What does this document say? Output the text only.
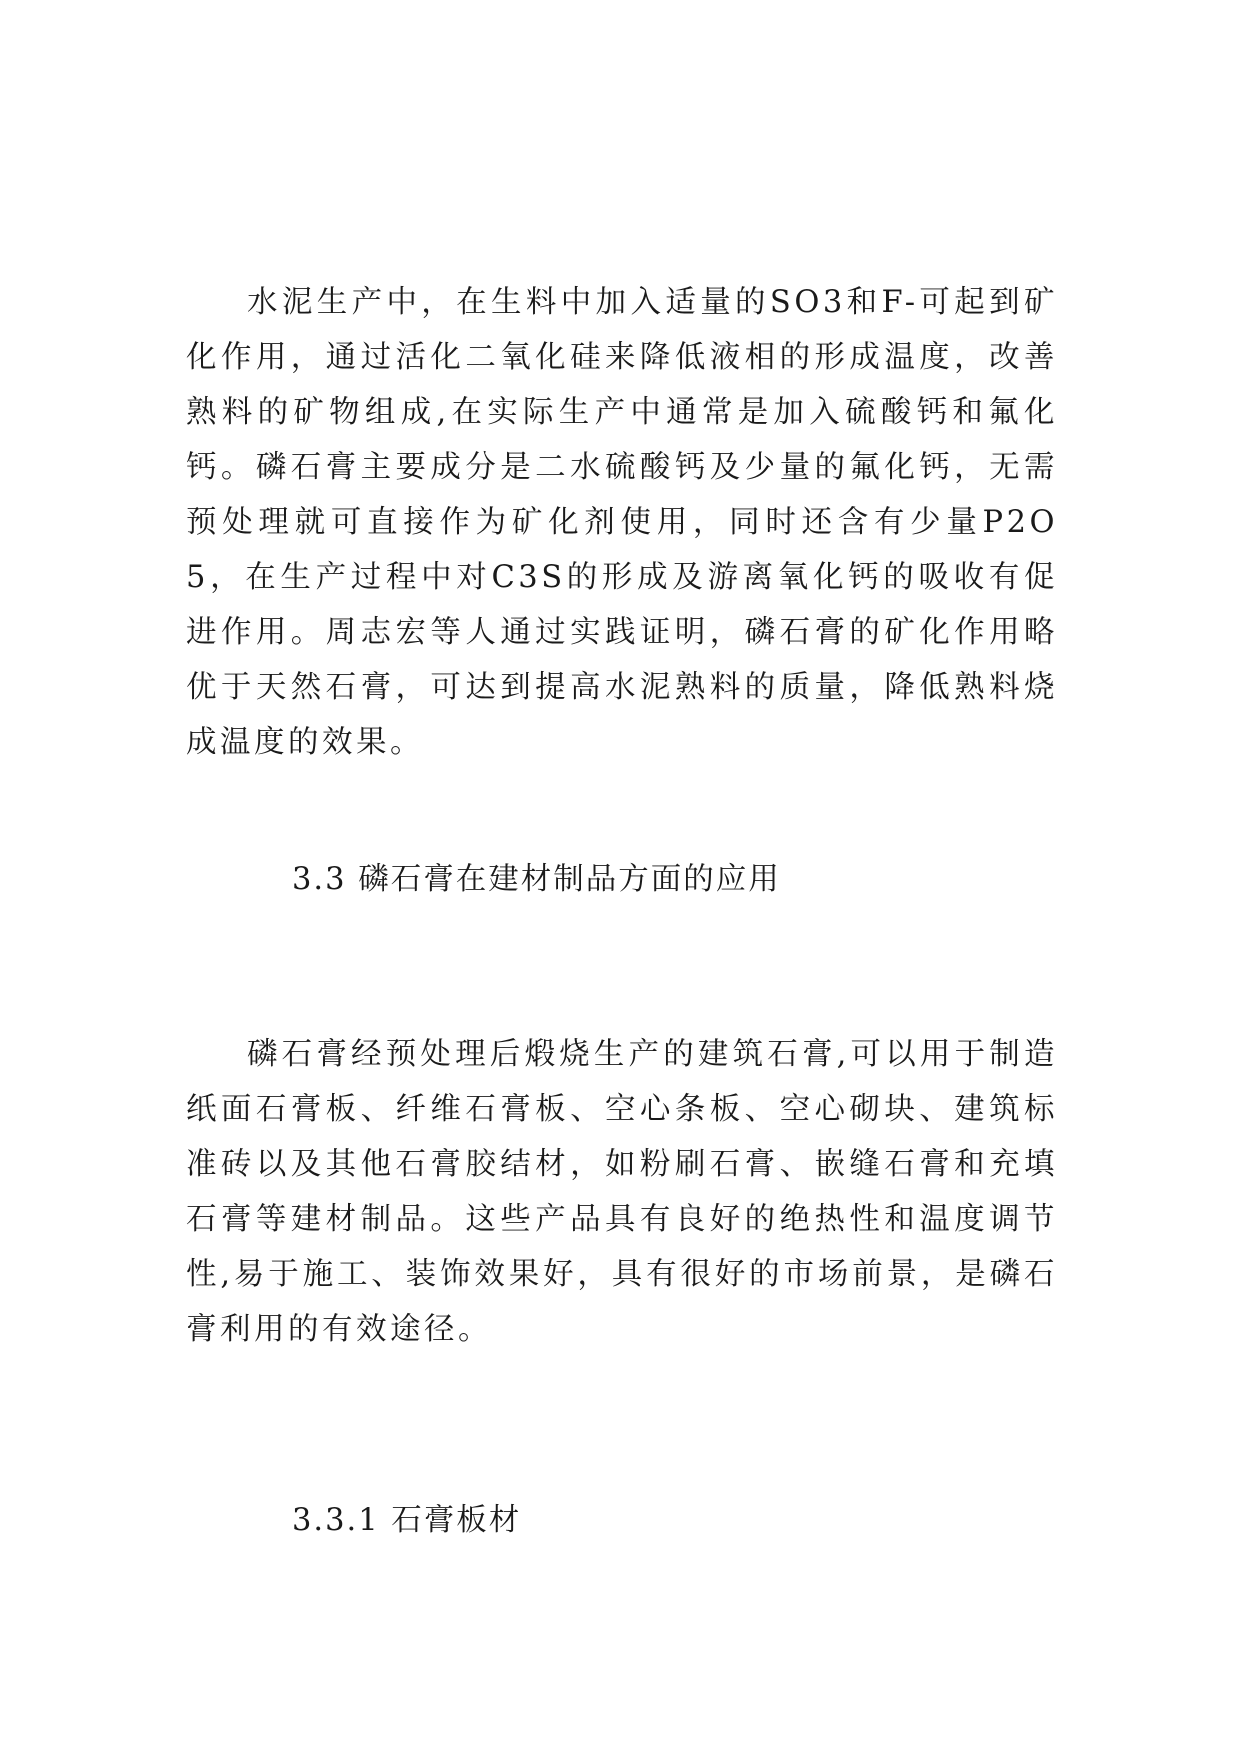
水泥生产中，在生料中加入适量的SO3和F-可起到矿化作用，通过活化二氧化硅来降低液相的形成温度，改善熟料的矿物组成,在实际生产中通常是加入硫酸钙和氟化钙。磷石膏主要成分是二水硫酸钙及少量的氟化钙，无需预处理就可直接作为矿化剂使用，同时还含有少量P2O5，在生产过程中对C3S的形成及游离氧化钙的吸收有促进作用。周志宏等人通过实践证明，磷石膏的矿化作用略优于天然石膏，可达到提高水泥熟料的质量，降低熟料烧成温度的效果。

3.3 磷石膏在建材制品方面的应用

磷石膏经预处理后煅烧生产的建筑石膏,可以用于制造纸面石膏板、纤维石膏板、空心条板、空心砌块、建筑标准砖以及其他石膏胶结材，如粉刷石膏、嵌缝石膏和充填石膏等建材制品。这些产品具有良好的绝热性和温度调节性,易于施工、装饰效果好，具有很好的市场前景，是磷石膏利用的有效途径。

3.3.1 石膏板材
